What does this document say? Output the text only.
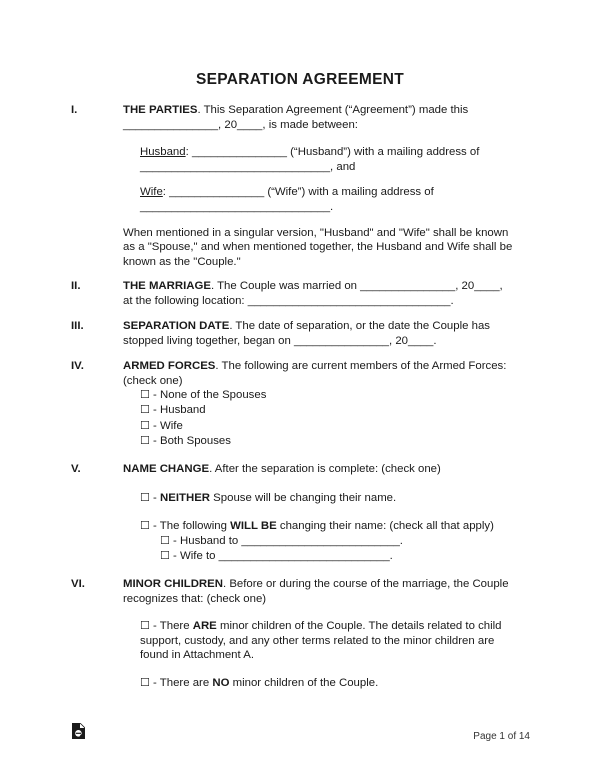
SEPARATION AGREEMENT
I.	THE PARTIES. This Separation Agreement (“Agreement”) made this
_______________, 20____, is made between:
Husband: _______________ (“Husband”) with a mailing address of
______________________________, and
Wife: _______________ (“Wife”) with a mailing address of
______________________________.
When mentioned in a singular version, "Husband" and "Wife" shall be known
as a "Spouse," and when mentioned together, the Husband and Wife shall be
known as the "Couple."
II.	THE MARRIAGE. The Couple was married on _______________, 20____,
at the following location: ________________________________.
III.	SEPARATION DATE. The date of separation, or the date the Couple has
stopped living together, began on _______________, 20____.
IV.	ARMED FORCES. The following are current members of the Armed Forces:
(check one)
☐ - None of the Spouses
☐ - Husband
☐ - Wife
☐ - Both Spouses
V.	NAME CHANGE. After the separation is complete: (check one)
☐ - NEITHER Spouse will be changing their name.
☐ - The following WILL BE changing their name: (check all that apply)
☐ - Husband to _________________________.
☐ - Wife to ___________________________.
VI.	MINOR CHILDREN. Before or during the course of the marriage, the Couple
recognizes that: (check one)
☐ - There ARE minor children of the Couple. The details related to child
support, custody, and any other terms related to the minor children are
found in Attachment A.
☐ - There are NO minor children of the Couple.
Page 1 of 14
